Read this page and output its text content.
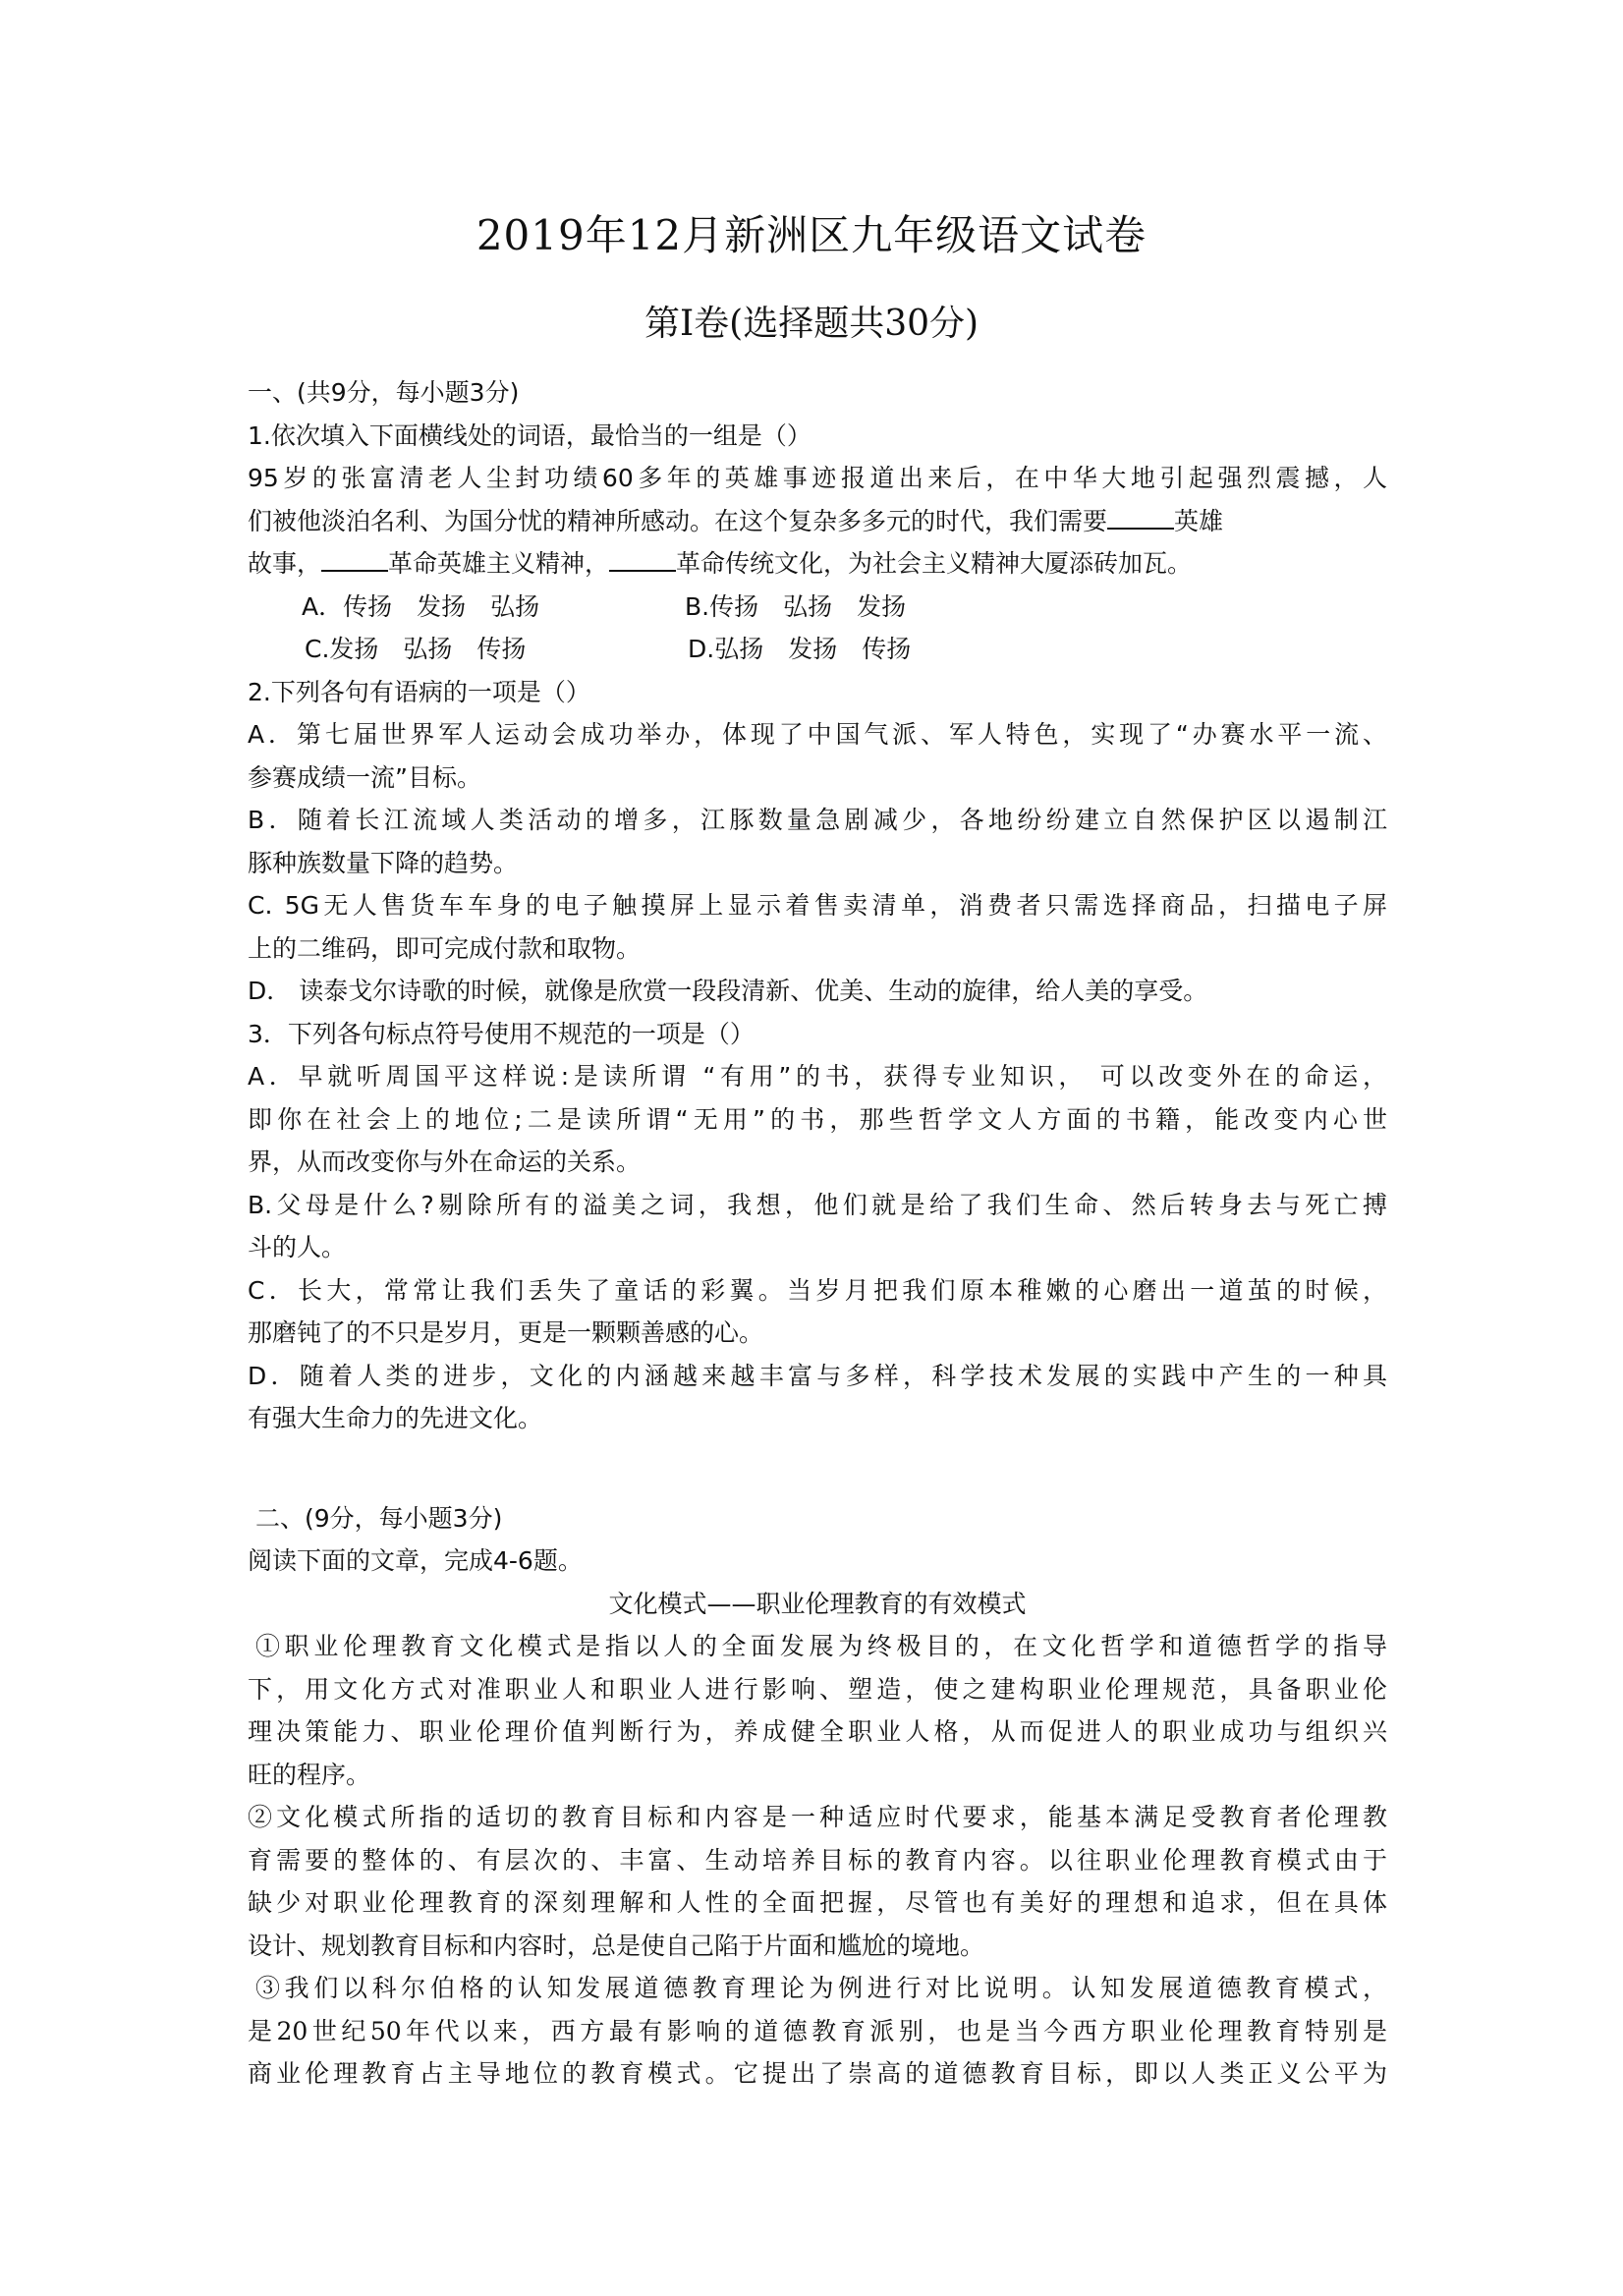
2019年12月新洲区九年级语文试卷
第Ⅰ卷(选择题共30分)
一、(共9分，每小题3分)
1.依次填入下面横线处的词语，最恰当的一组是（）
95岁的张富清老人尘封功绩60多年的英雄事迹报道出来后，在中华大地引起强烈震撼，人
们被他淡泊名利、为国分忧的精神所感动。在这个复杂多多元的时代，我们需要	英雄
故事，	革命英雄主义精神，	革命传统文化，为社会主义精神大厦添砖加瓦。
A．传扬　发扬　弘扬	B.传扬　弘扬　发扬
C.发扬　弘扬　传扬	D.弘扬　发扬　传扬
2.下列各句有语病的一项是（）
A．第七届世界军人运动会成功举办，体现了中国气派、军人特色，实现了“办赛水平一流、
参赛成绩一流”目标。
B．随着长江流域人类活动的增多，江豚数量急剧减少，各地纷纷建立自然保护区以遏制江
豚种族数量下降的趋势。
C. 5G无人售货车车身的电子触摸屏上显示着售卖清单，消费者只需选择商品，扫描电子屏
上的二维码，即可完成付款和取物。
D． 读泰戈尔诗歌的时候，就像是欣赏一段段清新、优美、生动的旋律，给人美的享受。
3．下列各句标点符号使用不规范的一项是（）
A．早就听周国平这样说:是读所谓 “有用”的书，获得专业知识， 可以改变外在的命运，
即你在社会上的地位;二是读所谓“无用”的书，那些哲学文人方面的书籍，能改变内心世
界，从而改变你与外在命运的关系。
B.父母是什么?剔除所有的溢美之词，我想，他们就是给了我们生命、然后转身去与死亡搏
斗的人。
C．长大，常常让我们丢失了童话的彩翼。当岁月把我们原本稚嫩的心磨出一道茧的时候，
那磨钝了的不只是岁月，更是一颗颗善感的心。
D．随着人类的进步，文化的内涵越来越丰富与多样，科学技术发展的实践中产生的一种具
有强大生命力的先进文化。
二、(9分，每小题3分)
阅读下面的文章，完成4-6题。
文化模式——职业伦理教育的有效模式
①职业伦理教育文化模式是指以人的全面发展为终极目的，在文化哲学和道德哲学的指导
下，用文化方式对准职业人和职业人进行影响、塑造，使之建构职业伦理规范，具备职业伦
理决策能力、职业伦理价值判断行为，养成健全职业人格，从而促进人的职业成功与组织兴
旺的程序。
②文化模式所指的适切的教育目标和内容是一种适应时代要求，能基本满足受教育者伦理教
育需要的整体的、有层次的、丰富、生动培养目标的教育内容。以往职业伦理教育模式由于
缺少对职业伦理教育的深刻理解和人性的全面把握，尽管也有美好的理想和追求，但在具体
设计、规划教育目标和内容时，总是使自己陷于片面和尴尬的境地。
③我们以科尔伯格的认知发展道德教育理论为例进行对比说明。认知发展道德教育模式，
是20世纪50年代以来，西方最有影响的道德教育派别，也是当今西方职业伦理教育特别是
商业伦理教育占主导地位的教育模式。它提出了崇高的道德教育目标，即以人类正义公平为
